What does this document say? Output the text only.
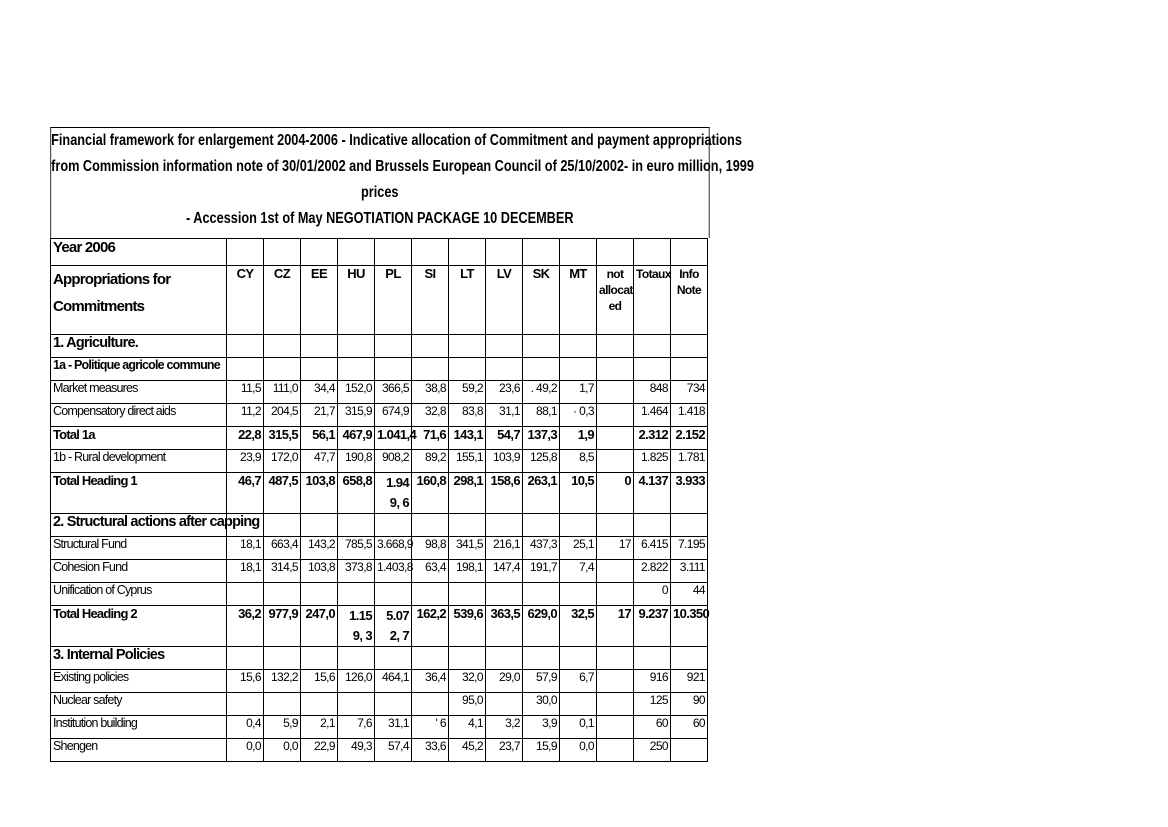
Financial framework for enlargement 2004-2006 - Indicative allocation of Commitment and payment appropriations
from Commission information note of 30/01/2002 and Brussels European Council of 25/10/2002- in euro million, 1999
prices
- Accession 1st of May NEGOTIATION PACKAGE 10 DECEMBER
Year 2006													
Appropriations for Commitments	CY	CZ	EE	HU	PL	SI	LT	LV	SK	MT	not allocat ed	Totaux	Info Note
1. Agriculture.													
1a - Politique agricole commune													
Market measures	11,5	111,0	34,4	152,0	366,5	38,8	59,2	23,6	. 49,2	1,7		848	734
Compensatory direct aids	11,2	204,5	21,7	315,9	674,9	32,8	83,8	31,1	88,1	· 0,3		1.464	1.418
Total 1a	22,8	315,5	56,1	467,9	1.041,4	71,6	143,1	54,7	137,3	1,9		2.312	2.152
1b - Rural development	23,9	172,0	47,7	190,8	908,2	89,2	155,1	103,9	125,8	8,5		1.825	1.781
Total Heading 1	46,7	487,5	103,8	658,8	1.949, 6	160,8	298,1	158,6	263,1	10,5	0	4.137	3.933
2. Structural actions after capping													
Structural Fund	18,1	663,4	143,2	785,5	3.668,9	98,8	341,5	216,1	437,3	25,1	17	6.415	7.195
Cohesion Fund	18,1	314,5	103,8	373,8	1.403,8	63,4	198,1	147,4	191,7	7,4		2.822	3.111
Unification of Cyprus												0	44
Total Heading 2	36,2	977,9	247,0	1.159, 3	5.072, 7	162,2	539,6	363,5	629,0	32,5	17	9.237	10.350
3. Internal Policies													
Existing policies	15,6	132,2	15,6	126,0	464,1	36,4	32,0	29,0	57,9	6,7		916	921
Nuclear safety							95,0		30,0			125	90
Institution building	0,4	5,9	2,1	7,6	31,1	' 6	4,1	3,2	3,9	0,1		60	60
Shengen	0,0	0,0	22,9	49,3	57,4	33,6	45,2	23,7	15,9	0,0		250	
